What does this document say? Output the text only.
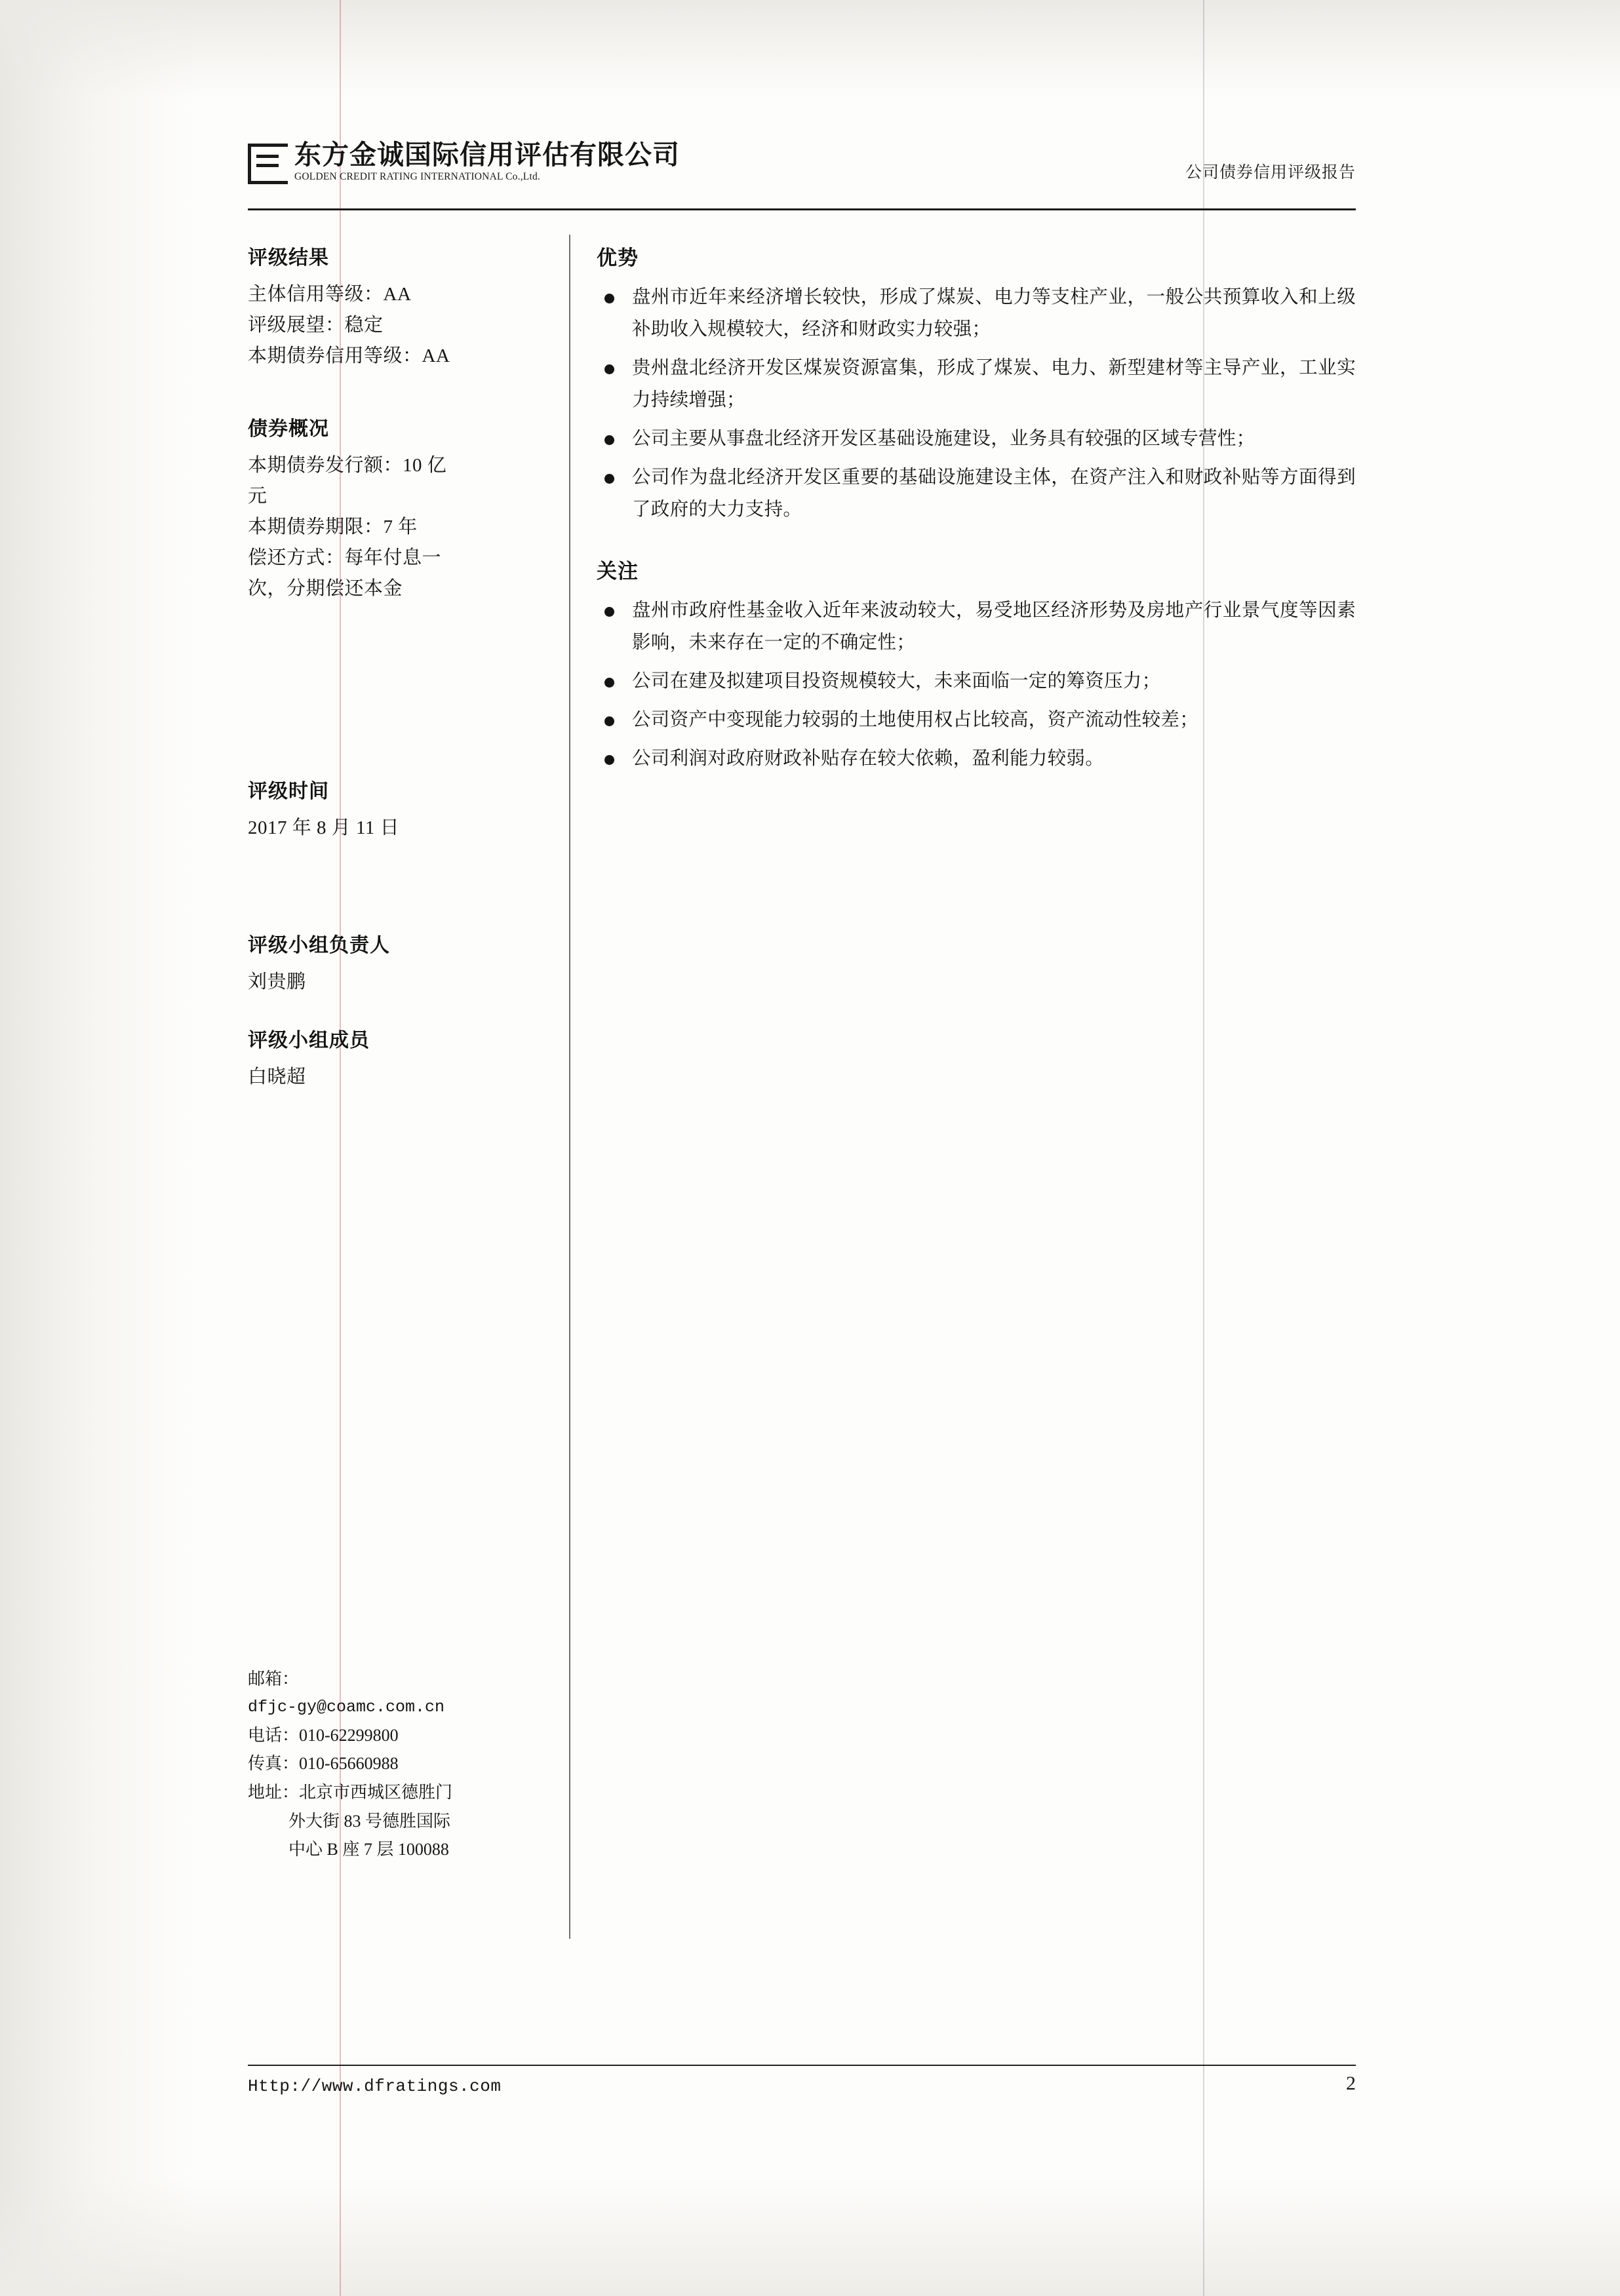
东方金诚国际信用评估有限公司
GOLDEN CREDIT RATING INTERNATIONAL Co.,Ltd.	公司债券信用评级报告
评级结果
主体信用等级：AA
评级展望：稳定
本期债券信用等级：AA
债券概况
本期债券发行额：10 亿
元
本期债券期限：7 年
偿还方式：每年付息一
次，分期偿还本金
评级时间
2017 年 8 月 11 日
评级小组负责人
刘贵鹏
评级小组成员
白晓超
邮箱：
dfjc-gy@coamc.com.cn
电话：010-62299800
传真：010-65660988
地址：北京市西城区德胜门
外大街 83 号德胜国际
中心 B 座 7 层 100088
优势
盘州市近年来经济增长较快，形成了煤炭、电力等支柱产业，一般公共预算收入和上级补助收入规模较大，经济和财政实力较强；
贵州盘北经济开发区煤炭资源富集，形成了煤炭、电力、新型建材等主导产业，工业实力持续增强；
公司主要从事盘北经济开发区基础设施建设，业务具有较强的区域专营性；
公司作为盘北经济开发区重要的基础设施建设主体，在资产注入和财政补贴等方面得到了政府的大力支持。
关注
盘州市政府性基金收入近年来波动较大，易受地区经济形势及房地产行业景气度等因素影响，未来存在一定的不确定性；
公司在建及拟建项目投资规模较大，未来面临一定的筹资压力；
公司资产中变现能力较弱的土地使用权占比较高，资产流动性较差；
公司利润对政府财政补贴存在较大依赖，盈利能力较弱。
Http://www.dfratings.com	2
